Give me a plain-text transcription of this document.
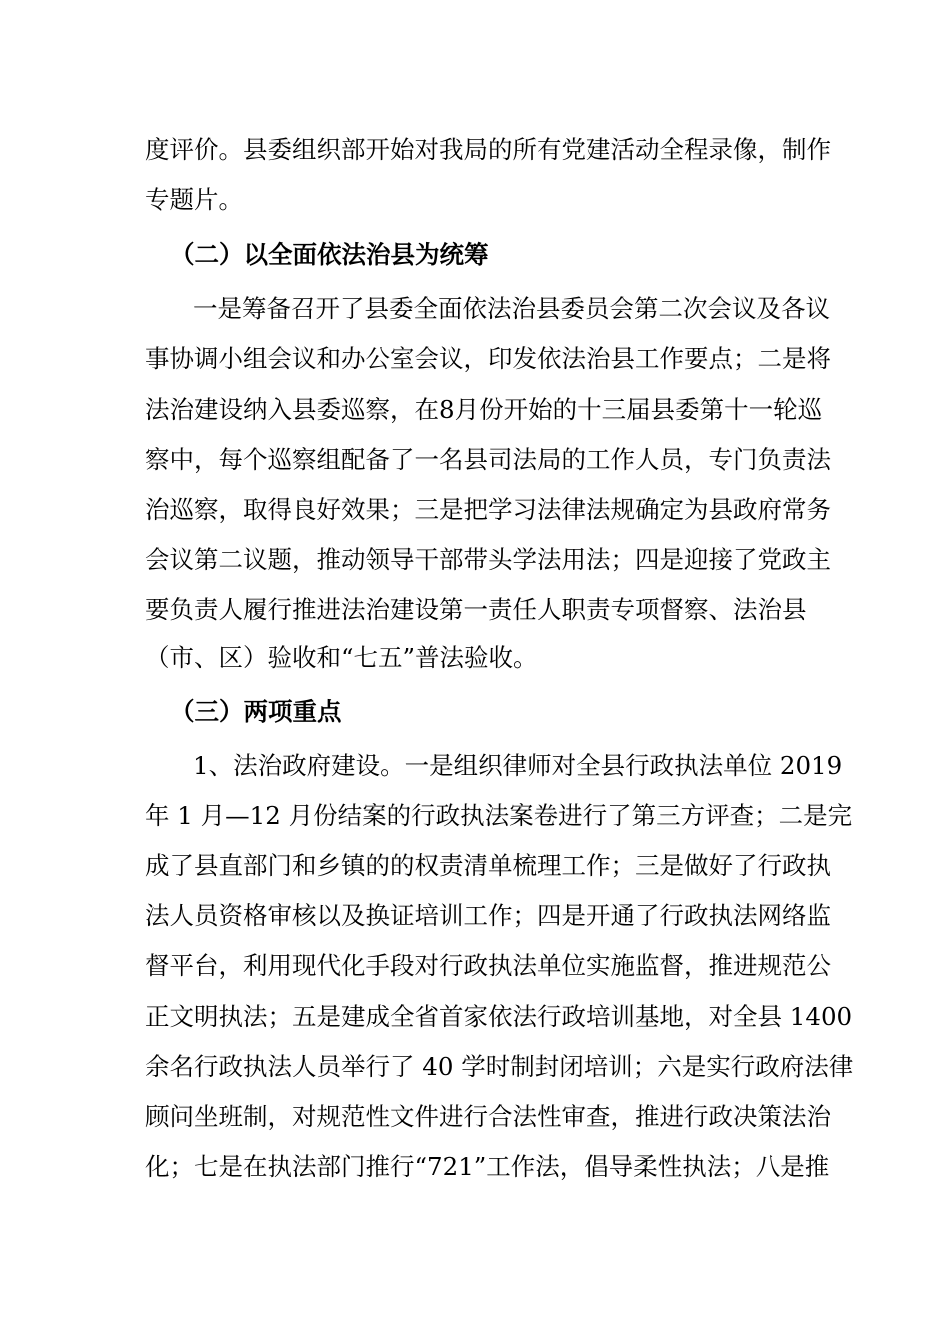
度评价。县委组织部开始对我局的所有党建活动全程录像，制作
专题片。
（二）以全面依法治县为统筹
一是筹备召开了县委全面依法治县委员会第二次会议及各议
事协调小组会议和办公室会议，印发依法治县工作要点；二是将
法治建设纳入县委巡察，在8月份开始的十三届县委第十一轮巡
察中，每个巡察组配备了一名县司法局的工作人员，专门负责法
治巡察，取得良好效果；三是把学习法律法规确定为县政府常务
会议第二议题，推动领导干部带头学法用法；四是迎接了党政主
要负责人履行推进法治建设第一责任人职责专项督察、法治县
（市、区）验收和“七五”普法验收。
（三）两项重点
1、法治政府建设。一是组织律师对全县行政执法单位 2019
年 1 月—12 月份结案的行政执法案卷进行了第三方评查；二是完
成了县直部门和乡镇的的权责清单梳理工作；三是做好了行政执
法人员资格审核以及换证培训工作；四是开通了行政执法网络监
督平台，利用现代化手段对行政执法单位实施监督，推进规范公
正文明执法；五是建成全省首家依法行政培训基地，对全县 1400
余名行政执法人员举行了 40 学时制封闭培训；六是实行政府法律
顾问坐班制，对规范性文件进行合法性审查，推进行政决策法治
化；七是在执法部门推行“721”工作法，倡导柔性执法；八是推
